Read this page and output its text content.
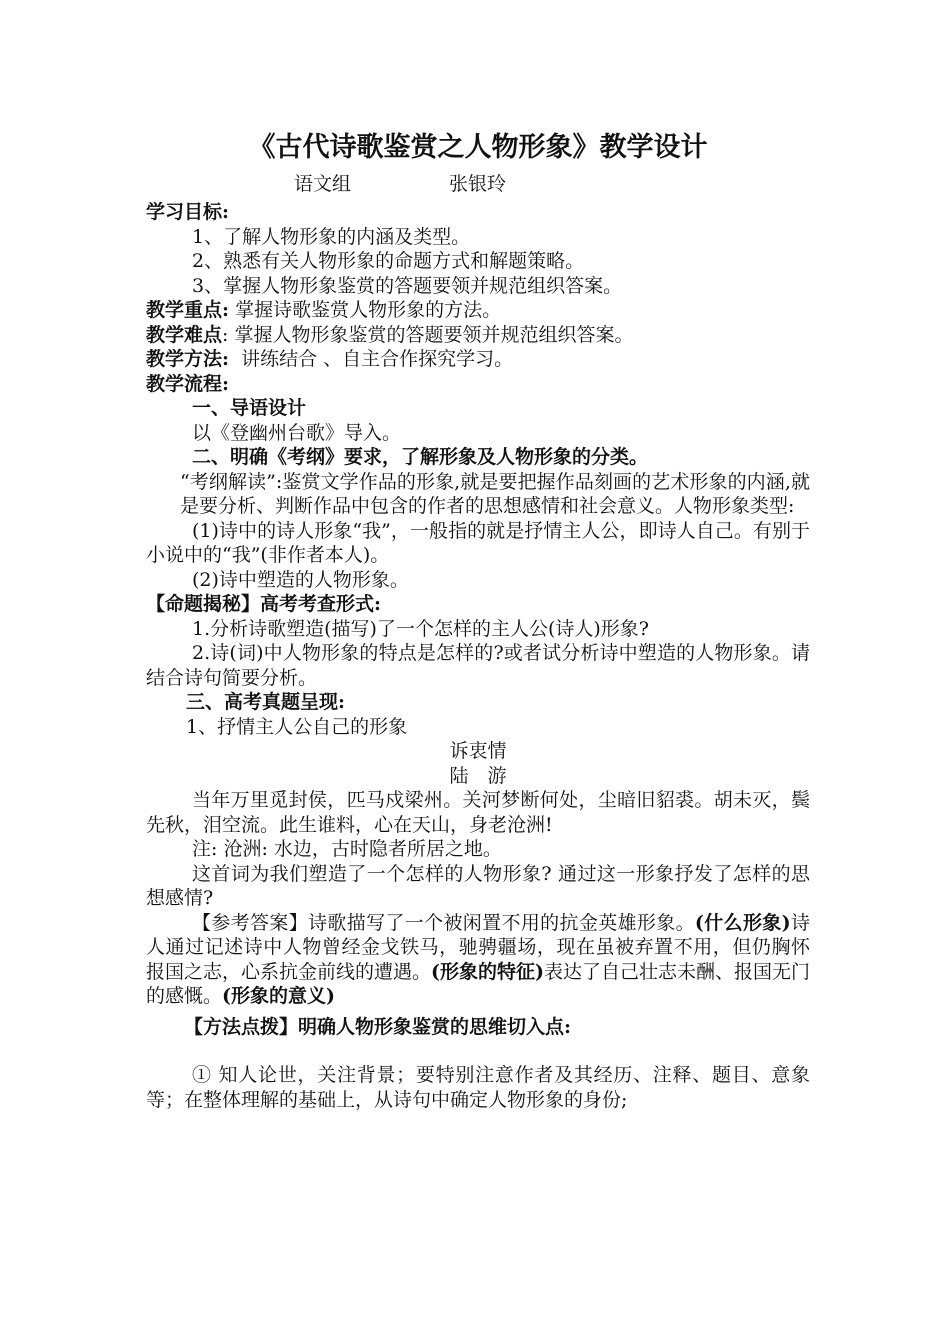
《古代诗歌鉴赏之人物形象》教学设计

语文组	张银玲

学习目标:

1、了解人物形象的内涵及类型。

2、熟悉有关人物形象的命题方式和解题策略。

3、掌握人物形象鉴赏的答题要领并规范组织答案。

教学重点: 掌握诗歌鉴赏人物形象的方法。

教学难点: 掌握人物形象鉴赏的答题要领并规范组织答案。

教学方法: 讲练结合 、自主合作探究学习。

教学流程:

一、导语设计

以《登幽州台歌》导入。

二、明确《考纲》要求，了解形象及人物形象的分类。

“考纲解读”:鉴赏文学作品的形象,就是要把握作品刻画的艺术形象的内涵,就是要分析、判断作品中包含的作者的思想感情和社会意义。人物形象类型:

(1)诗中的诗人形象“我”，一般指的就是抒情主人公，即诗人自己。有别于小说中的“我”(非作者本人)。

(2)诗中塑造的人物形象。

【命题揭秘】高考考查形式:

1.分析诗歌塑造(描写)了一个怎样的主人公(诗人)形象?

2.诗(词)中人物形象的特点是怎样的?或者试分析诗中塑造的人物形象。请结合诗句简要分析。

三、高考真题呈现:

1、抒情主人公自己的形象

诉衷情

陆　游

当年万里觅封侯，匹马戍梁州。关河梦断何处，尘暗旧貂裘。胡未灭，鬓先秋，泪空流。此生谁料，心在天山，身老沧洲!

注: 沧洲: 水边，古时隐者所居之地。

这首词为我们塑造了一个怎样的人物形象? 通过这一形象抒发了怎样的思想感情?

【参考答案】诗歌描写了一个被闲置不用的抗金英雄形象。(什么形象)诗人通过记述诗中人物曾经金戈铁马，驰骋疆场，现在虽被弃置不用，但仍胸怀报国之志，心系抗金前线的遭遇。(形象的特征)表达了自己壮志未酬、报国无门的感慨。(形象的意义)

【方法点拨】明确人物形象鉴赏的思维切入点:

① 知人论世，关注背景；要特别注意作者及其经历、注释、题目、意象等；在整体理解的基础上，从诗句中确定人物形象的身份;
